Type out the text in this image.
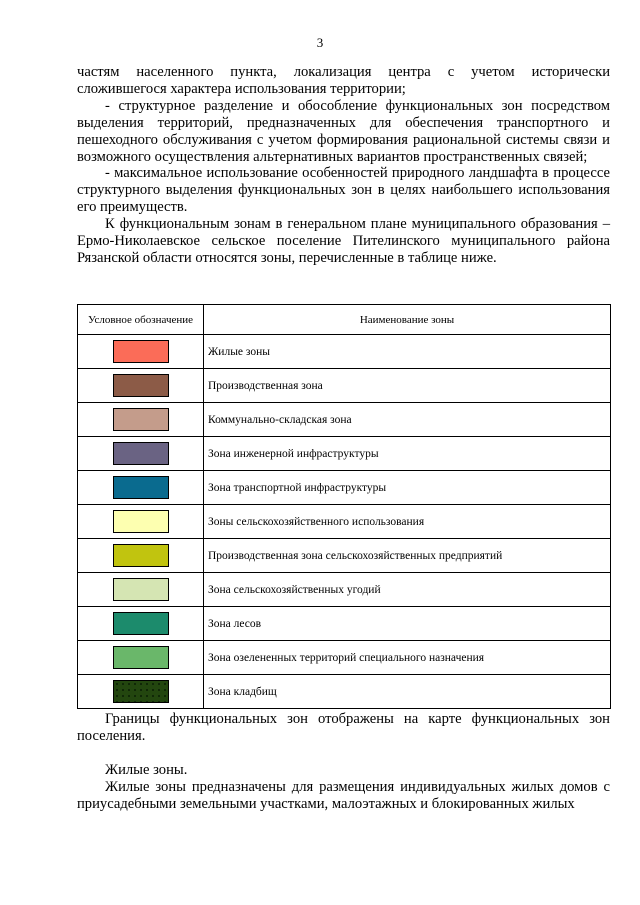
3

частям населенного пункта, локализация центра с учетом исторически сложившегося характера использования территории;

- структурное разделение и обособление функциональных зон посредством выделения территорий, предназначенных для обеспечения транспортного и пешеходного обслуживания с учетом формирования рациональной системы связи и возможного осуществления альтернативных вариантов пространственных связей;

- максимальное использование особенностей природного ландшафта в процессе структурного выделения функциональных зон в целях наибольшего использования его преимуществ.

К функциональным зонам в генеральном плане муниципального образования – Ермо-Николаевское сельское поселение Пителинского муниципального района Рязанской области относятся зоны, перечисленные в таблице ниже.

Условное обозначение	Наименование зоны
	Жилые зоны
	Производственная зона
	Коммунально-складская зона
	Зона инженерной инфраструктуры
	Зона транспортной инфраструктуры
	Зоны сельскохозяйственного использования
	Производственная зона сельскохозяйственных предприятий
	Зона сельскохозяйственных угодий
	Зона лесов
	Зона озелененных территорий специального назначения
	Зона кладбищ

Границы функциональных зон отображены на карте функциональных зон поселения.

Жилые зоны.

Жилые зоны предназначены для размещения индивидуальных жилых домов с приусадебными земельными участками, малоэтажных и блокированных жилых
